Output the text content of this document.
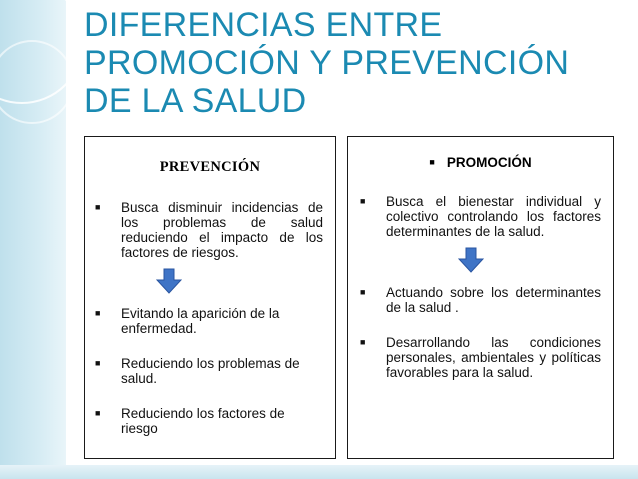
DIFERENCIAS ENTRE PROMOCIÓN Y PREVENCIÓN DE LA SALUD
PREVENCIÓN
■	Busca disminuir incidencias de los problemas de salud reduciendo el impacto de los factores de riesgos.
■	Evitando la aparición de la enfermedad.
■	Reduciendo los problemas de salud.
■	Reduciendo los factores de riesgo
■ PROMOCIÓN
■	Busca el bienestar individual y colectivo controlando los factores determinantes de la salud.
■	Actuando sobre los determinantes de la salud .
■	Desarrollando las condiciones personales, ambientales y políticas favorables para la salud.
